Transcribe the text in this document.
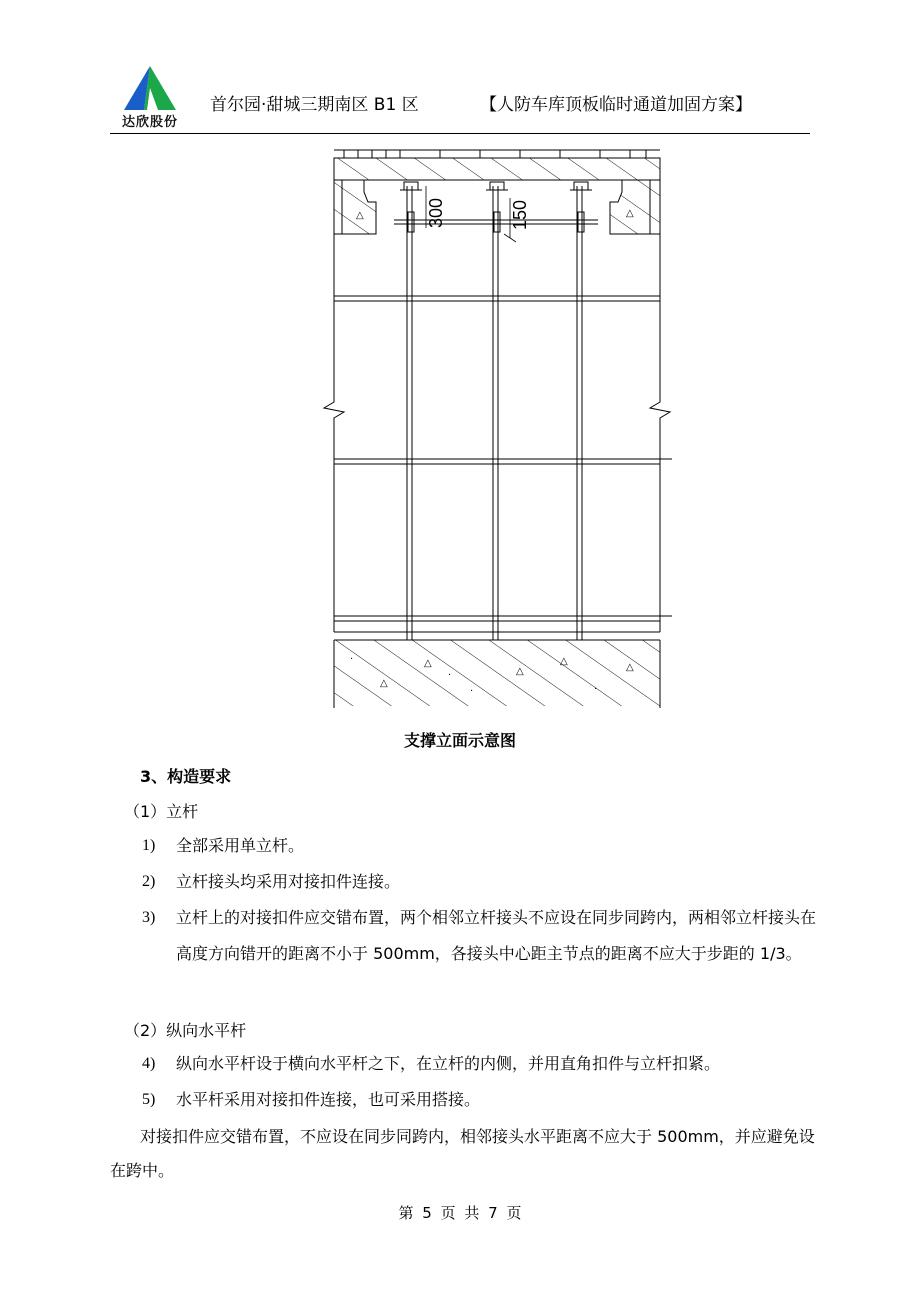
达欣股份
首尔园·甜城三期南区 B1 区	【人防车库顶板临时通道加固方案】
△	△
300	150
·
△
△
·
△
△
·
△
·
支撑立面示意图
3、构造要求
（1）立杆
1)	全部采用单立杆。
2)	立杆接头均采用对接扣件连接。
3)	立杆上的对接扣件应交错布置，两个相邻立杆接头不应设在同步同跨内，两相邻立杆接头在高度方向错开的距离不小于 500mm，各接头中心距主节点的距离不应大于步距的 1/3。
（2）纵向水平杆
4)	纵向水平杆设于横向水平杆之下，在立杆的内侧，并用直角扣件与立杆扣紧。
5)	水平杆采用对接扣件连接，也可采用搭接。
对接扣件应交错布置，不应设在同步同跨内，相邻接头水平距离不应大于 500mm，并应避免设在跨中。
第 5 页 共 7 页
